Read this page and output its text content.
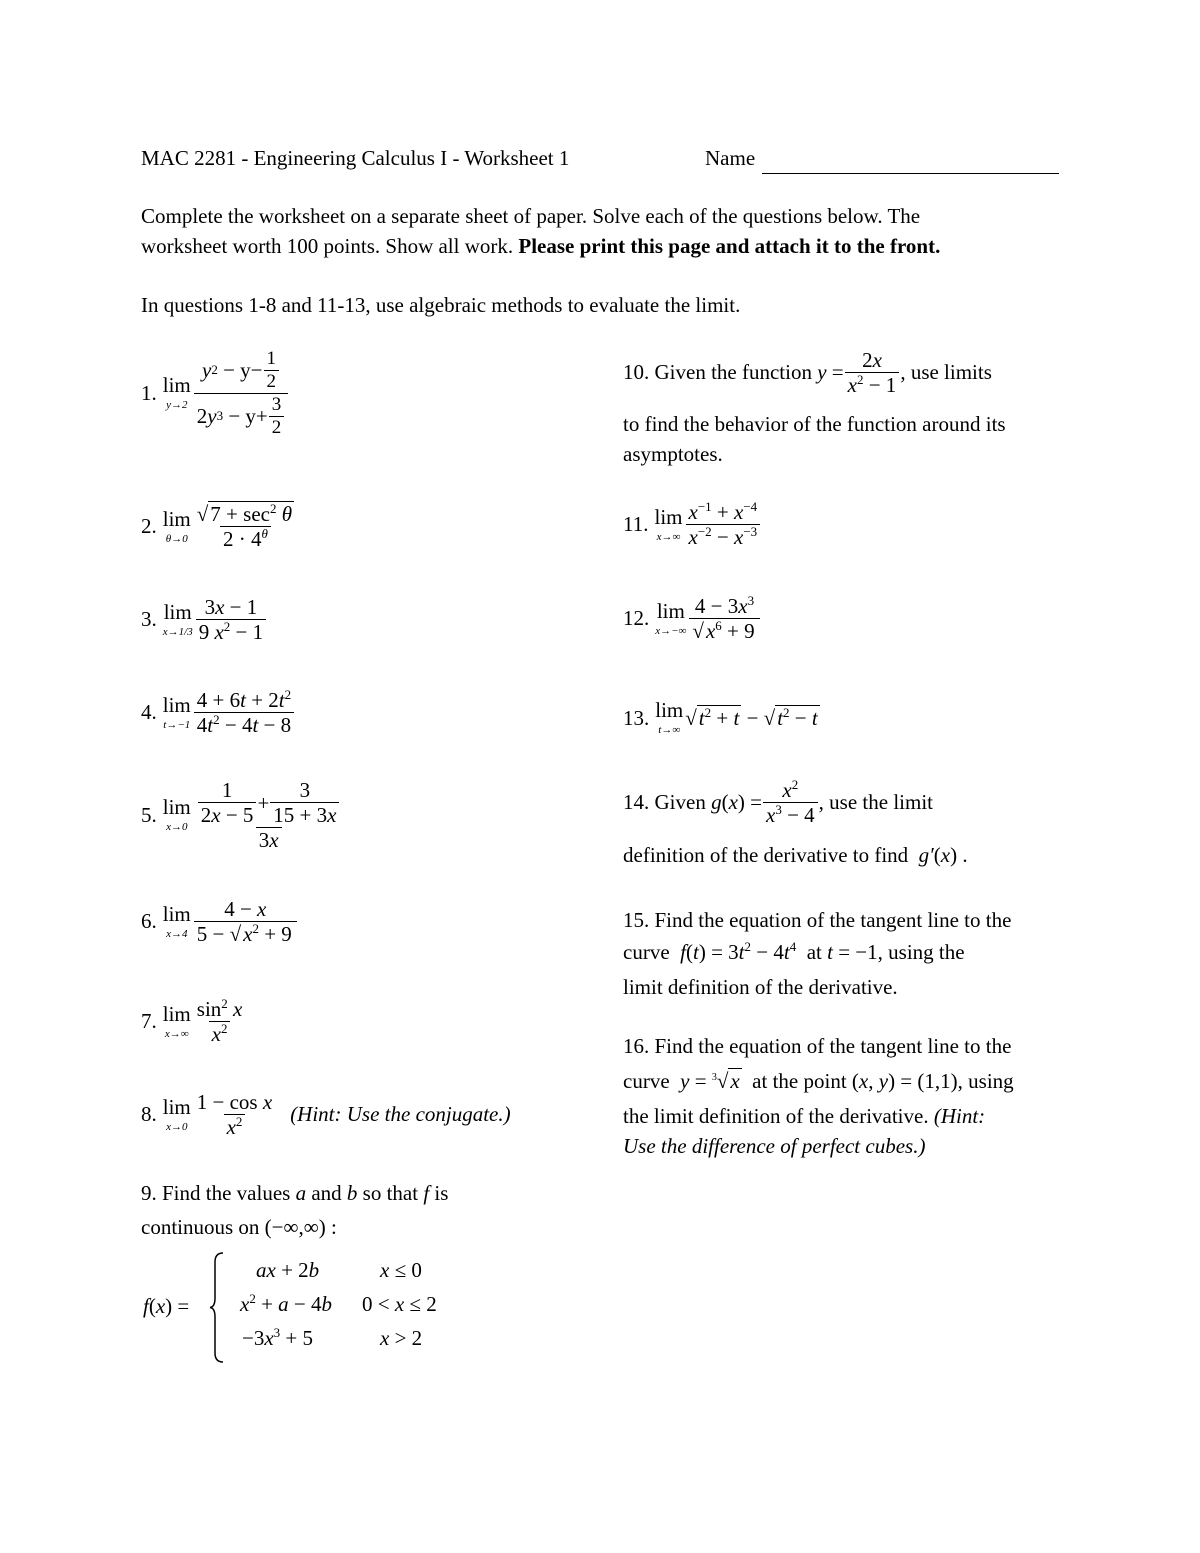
MAC 2281 - Engineering Calculus I - Worksheet 1	Name
Complete the worksheet on a separate sheet of paper. Solve each of the questions below. The
worksheet worth 100 points. Show all work. Please print this page and attach it to the front.
In questions 1-8 and 11-13, use algebraic methods to evaluate the limit.
1. lim
$y\to 2 \frac{y 2 - y- \frac{1}{2}}{2 y 3 - y+ \frac{3}{2}}$
2. lim
$\theta\to 0 \frac{√7 + \sec^2 \theta}{2 \cdot 4^\theta}$
3. lim
$x\to 1/3 \frac{3x - 1}{9 x^2 - 1}$
4. lim
$t\to-1 \frac{4 + 6t + 2t^2}{4t^2 - 4t - 8}$
5. lim
$x\to 0 \frac{\frac{1}{2x - 5} + \frac{3}{15 + 3x}}{3x}$
6. lim
$x\to 4 \frac{4 - x}{5 - √x^2 + 9}$
7. lim
$x\to\infty \frac{\sin^2 x}{x^2}$
8. lim
$x\to 0 \frac{\text{1 − cos x}}{x^2}$ (Hint: Use the conjugate.)
9. Find the values a and b so that f is
continuous on (−∞,∞) :
f(x) =
ax + 2b	x ≤ 0
$x^2 + a - 4b$ 0 < x ≤ 2
$-3x^3 + 5$	x > 2
10.
Given the function
$y = \frac{2x}{x^2 - 1}$ , use limits
to find the behavior of the function around its
asymptotes.
11. lim
$x\to\infty \frac{x^{-1} + x^{-4}}{x^{-2} - x^{-3}}$
12. lim
$x\to-\infty \frac{4 - 3x^3}{√x^6 + 9}$
13. lim
t→∞
$√t^2 + t - √t^2 - t$
14.
Given
g ( x ) = $\frac{x^2}{x^3 - 4}$ , use the limit
definition of the derivative to find g′(x) .
15. Find the equation of the tangent line to the
curve $f(t) = 3t^2 - 4t^4$ at t = −1, using the
limit definition of the derivative.
16. Find the equation of the tangent line to the
curve y = $^3$√x at the point (x, y) = (1,1), using
the limit definition of the derivative. (Hint:
Use the difference of perfect cubes.)
